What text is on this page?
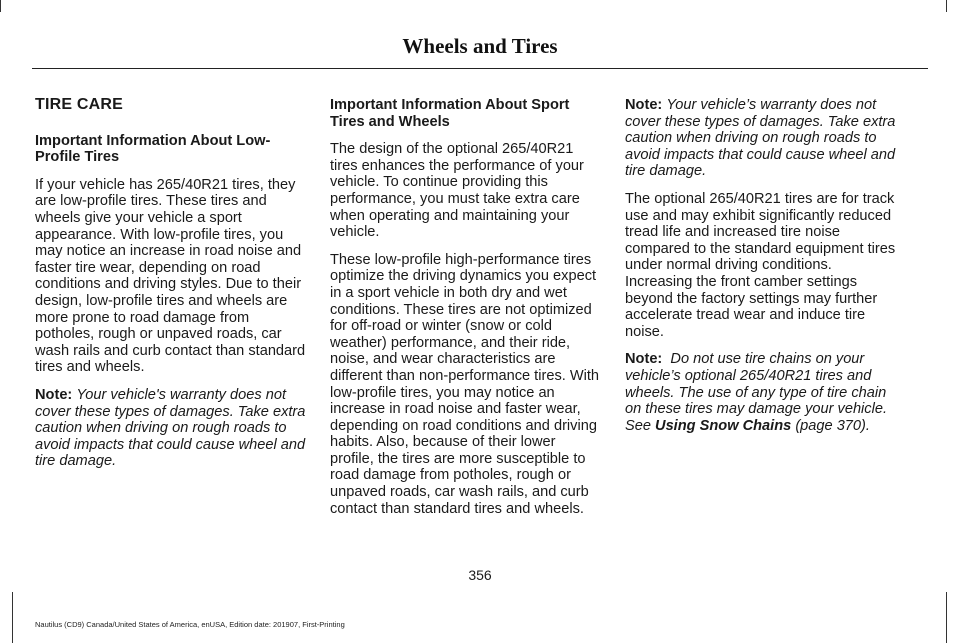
Wheels and Tires
TIRE CARE

Important Information About Low-Profile Tires

If your vehicle has 265/40R21 tires, they are low-profile tires. These tires and wheels give your vehicle a sport appearance. With low-profile tires, you may notice an increase in road noise and faster tire wear, depending on road conditions and driving styles. Due to their design, low-profile tires and wheels are more prone to road damage from potholes, rough or unpaved roads, car wash rails and curb contact than standard tires and wheels.

Note: Your vehicle's warranty does not cover these types of damages. Take extra caution when driving on rough roads to avoid impacts that could cause wheel and tire damage.

Important Information About Sport Tires and Wheels

The design of the optional 265/40R21 tires enhances the performance of your vehicle. To continue providing this performance, you must take extra care when operating and maintaining your vehicle.

These low-profile high-performance tires optimize the driving dynamics you expect in a sport vehicle in both dry and wet conditions. These tires are not optimized for off-road or winter (snow or cold weather) performance, and their ride, noise, and wear characteristics are different than non-performance tires. With low-profile tires, you may notice an increase in road noise and faster wear, depending on road conditions and driving habits. Also, because of their lower profile, the tires are more susceptible to road damage from potholes, rough or unpaved roads, car wash rails, and curb contact than standard tires and wheels.

Note: Your vehicle’s warranty does not cover these types of damages. Take extra caution when driving on rough roads to avoid impacts that could cause wheel and tire damage.

The optional 265/40R21 tires are for track use and may exhibit significantly reduced tread life and increased tire noise compared to the standard equipment tires under normal driving conditions. Increasing the front camber settings beyond the factory settings may further accelerate tread wear and induce tire noise.

Note: Do not use tire chains on your vehicle’s optional 265/40R21 tires and wheels. The use of any type of tire chain on these tires may damage your vehicle. See Using Snow Chains (page 370).

356
Nautilus (CD9) Canada/United States of America, enUSA, Edition date: 201907, First-Printing
